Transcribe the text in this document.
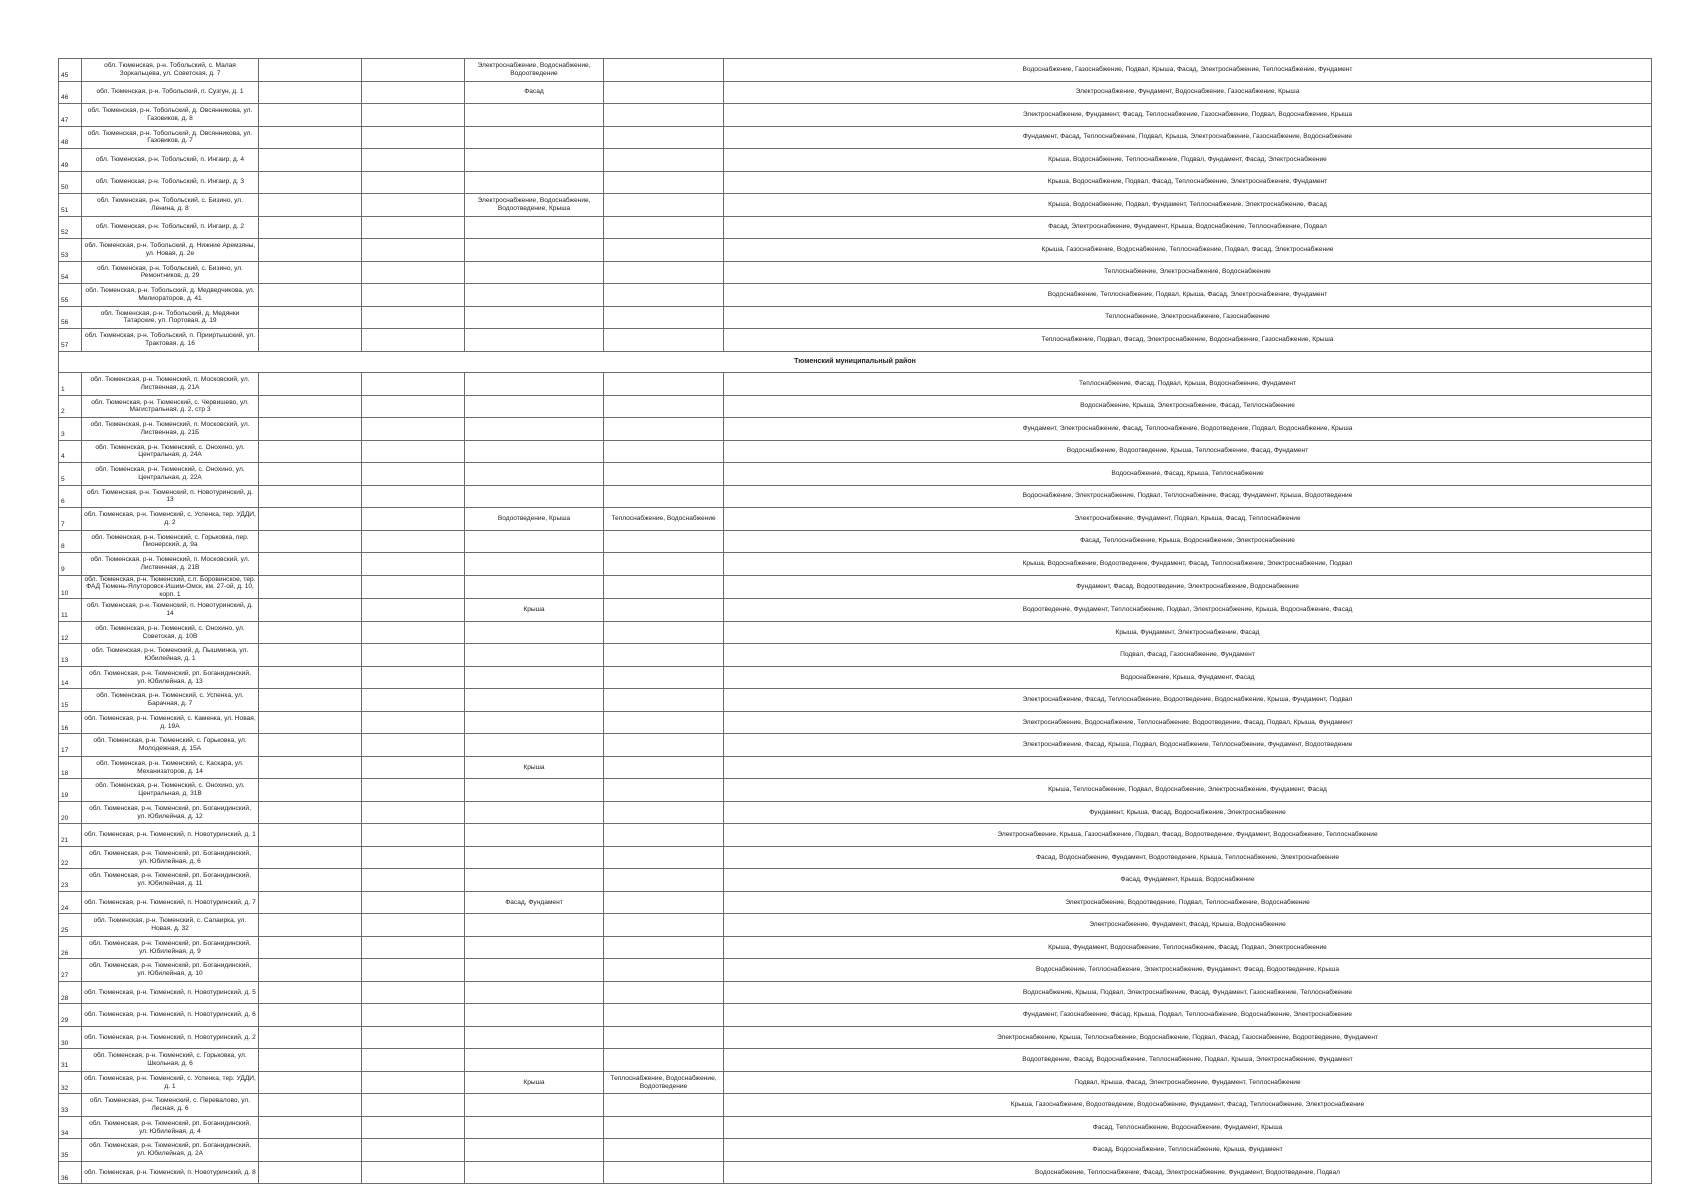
45	обл. Тюменская, р-н. Тобольский, с. Малая Зоркальцева, ул. Советская, д. 7			Электроснабжение, Водоснабжение, Водоотведение		Водоснабжение, Газоснабжение, Подвал, Крыша, Фасад, Электроснабжение, Теплоснабжение, Фундамент
46	обл. Тюменская, р-н. Тобольский, п. Сузгун, д. 1			Фасад		Электроснабжение, Фундамент, Водоснабжение, Газоснабжение, Крыша
47	обл. Тюменская, р-н. Тобольский, д. Овсянникова, ул. Газовиков, д. 8					Электроснабжение, Фундамент, Фасад, Теплоснабжение, Газоснабжение, Подвал, Водоснабжение, Крыша
48	обл. Тюменская, р-н. Тобольский, д. Овсянникова, ул. Газовиков, д. 7					Фундамент, Фасад, Теплоснабжение, Подвал, Крыша, Электроснабжение, Газоснабжение, Водоснабжение
49	обл. Тюменская, р-н. Тобольский, п. Ингаир, д. 4					Крыша, Водоснабжение, Теплоснабжение, Подвал, Фундамент, Фасад, Электроснабжение
50	обл. Тюменская, р-н. Тобольский, п. Ингаир, д. 3					Крыша, Водоснабжение, Подвал, Фасад, Теплоснабжение, Электроснабжение, Фундамент
51	обл. Тюменская, р-н. Тобольский, с. Бизино, ул. Ленина, д. 8			Электроснабжение, Водоснабжение, Водоотведение, Крыша		Крыша, Водоснабжение, Подвал, Фундамент, Теплоснабжение, Электроснабжение, Фасад
52	обл. Тюменская, р-н. Тобольский, п. Ингаир, д. 2					Фасад, Электроснабжение, Фундамент, Крыша, Водоснабжение, Теплоснабжение, Подвал
53	обл. Тюменская, р-н. Тобольский, д. Нижние Аремзяны, ул. Новая, д. 2е					Крыша, Газоснабжение, Водоснабжение, Теплоснабжение, Подвал, Фасад, Электроснабжение
54	обл. Тюменская, р-н. Тобольский, с. Бизино, ул. Ремонтников, д. 29					Теплоснабжение, Электроснабжение, Водоснабжение
55	обл. Тюменская, р-н. Тобольский, д. Медведчикова, ул. Мелиораторов, д. 41					Водоснабжение, Теплоснабжение, Подвал, Крыша, Фасад, Электроснабжение, Фундамент
56	обл. Тюменская, р-н. Тобольский, д. Медянки Татарские, ул. Портовая, д. 19					Теплоснабжение, Электроснабжение, Газоснабжение
57	обл. Тюменская, р-н. Тобольский, п. Прииртышский, ул. Трактовая, д. 16					Теплоснабжение, Подвал, Фасад, Электроснабжение, Водоснабжение, Газоснабжение, Крыша
Тюменский муниципальный район						
1	обл. Тюменская, р-н. Тюменский, п. Московский, ул. Лиственная, д. 21А					Теплоснабжение, Фасад, Подвал, Крыша, Водоснабжение, Фундамент
2	обл. Тюменская, р-н. Тюменский, с. Червишево, ул. Магистральная, д. 2, стр 3					Водоснабжение, Крыша, Электроснабжение, Фасад, Теплоснабжение
3	обл. Тюменская, р-н. Тюменский, п. Московский, ул. Лиственная, д. 21Б					Фундамент, Электроснабжение, Фасад, Теплоснабжение, Водоотведение, Подвал, Водоснабжение, Крыша
4	обл. Тюменская, р-н. Тюменский, с. Онохино, ул. Центральная, д. 24А					Водоснабжение, Водоотведение, Крыша, Теплоснабжение, Фасад, Фундамент
5	обл. Тюменская, р-н. Тюменский, с. Онохино, ул. Центральная, д. 22А					Водоснабжение, Фасад, Крыша, Теплоснабжение
6	обл. Тюменская, р-н. Тюменский, п. Новотуринский, д. 13					Водоснабжение, Электроснабжение, Подвал, Теплоснабжение, Фасад, Фундамент, Крыша, Водоотведение
7	обл. Тюменская, р-н. Тюменский, с. Успенка, тер. УДДИ, д. 2			Водоотведение, Крыша	Теплоснабжение, Водоснабжение	Электроснабжение, Фундамент, Подвал, Крыша, Фасад, Теплоснабжение
8	обл. Тюменская, р-н. Тюменский, с. Горьковка, пер. Пионерский, д. 9а					Фасад, Теплоснабжение, Крыша, Водоснабжение, Электроснабжение
9	обл. Тюменская, р-н. Тюменский, п. Московский, ул. Лиственная, д. 21В					Крыша, Водоснабжение, Водоотведение, Фундамент, Фасад, Теплоснабжение, Электроснабжение, Подвал
10	обл. Тюменская, р-н. Тюменский, с.п. Боровинское, тер. ФАД Тюмень-Ялуторовск-Ишим-Омск, км. 27-ой, д. 10, корп. 1					Фундамент, Фасад, Водоотведение, Электроснабжение, Водоснабжение
11	обл. Тюменская, р-н. Тюменский, п. Новотуринский, д. 14			Крыша		Водоотведение, Фундамент, Теплоснабжение, Подвал, Электроснабжение, Крыша, Водоснабжение, Фасад
12	обл. Тюменская, р-н. Тюменский, с. Онохино, ул. Советская, д. 10В					Крыша, Фундамент, Электроснабжение, Фасад
13	обл. Тюменская, р-н. Тюменский, д. Пышминка, ул. Юбилейная, д. 1					Подвал, Фасад, Газоснабжение, Фундамент
14	обл. Тюменская, р-н. Тюменский, рп. Боганидинский, ул. Юбилейная, д. 13					Водоснабжение, Крыша, Фундамент, Фасад
15	обл. Тюменская, р-н. Тюменский, с. Успенка, ул. Барачная, д. 7					Электроснабжение, Фасад, Теплоснабжение, Водоотведение, Водоснабжение, Крыша, Фундамент, Подвал
16	обл. Тюменская, р-н. Тюменский, с. Каменка, ул. Новая, д. 19А					Электроснабжение, Водоснабжение, Теплоснабжение, Водоотведение, Фасад, Подвал, Крыша, Фундамент
17	обл. Тюменская, р-н. Тюменский, с. Горьковка, ул. Молодежная, д. 15А					Электроснабжение, Фасад, Крыша, Подвал, Водоснабжение, Теплоснабжение, Фундамент, Водоотведение
18	обл. Тюменская, р-н. Тюменский, с. Каскара, ул. Механизаторов, д. 14			Крыша		
19	обл. Тюменская, р-н. Тюменский, с. Онохино, ул. Центральная, д. 31В					Крыша, Теплоснабжение, Подвал, Водоснабжение, Электроснабжение, Фундамент, Фасад
20	обл. Тюменская, р-н. Тюменский, рп. Боганидинский, ул. Юбилейная, д. 12					Фундамент, Крыша, Фасад, Водоснабжение, Электроснабжение
21	обл. Тюменская, р-н. Тюменский, п. Новотуринский, д. 1					Электроснабжение, Крыша, Газоснабжение, Подвал, Фасад, Водоотведение, Фундамент, Водоснабжение, Теплоснабжение
22	обл. Тюменская, р-н. Тюменский, рп. Боганидинский, ул. Юбилейная, д. 6					Фасад, Водоснабжение, Фундамент, Водоотведение, Крыша, Теплоснабжение, Электроснабжение
23	обл. Тюменская, р-н. Тюменский, рп. Боганидинский, ул. Юбилейная, д. 11					Фасад, Фундамент, Крыша, Водоснабжение
24	обл. Тюменская, р-н. Тюменский, п. Новотуринский, д. 7			Фасад, Фундамент		Электроснабжение, Водоотведение, Подвал, Теплоснабжение, Водоснабжение
25	обл. Тюменская, р-н. Тюменский, с. Салаирка, ул. Новая, д. 32					Электроснабжение, Фундамент, Фасад, Крыша, Водоснабжение
26	обл. Тюменская, р-н. Тюменский, рп. Боганидинский, ул. Юбилейная, д. 9					Крыша, Фундамент, Водоснабжение, Теплоснабжение, Фасад, Подвал, Электроснабжение
27	обл. Тюменская, р-н. Тюменский, рп. Боганидинский, ул. Юбилейная, д. 10					Водоснабжение, Теплоснабжение, Электроснабжение, Фундамент, Фасад, Водоотведение, Крыша
28	обл. Тюменская, р-н. Тюменский, п. Новотуринский, д. 5					Водоснабжение, Крыша, Подвал, Электроснабжение, Фасад, Фундамент, Газоснабжение, Теплоснабжение
29	обл. Тюменская, р-н. Тюменский, п. Новотуринский, д. 6					Фундамент, Газоснабжение, Фасад, Крыша, Подвал, Теплоснабжение, Водоснабжение, Электроснабжение
30	обл. Тюменская, р-н. Тюменский, п. Новотуринский, д. 2					Электроснабжение, Крыша, Теплоснабжение, Водоснабжение, Подвал, Фасад, Газоснабжение, Водоотведение, Фундамент
31	обл. Тюменская, р-н. Тюменский, с. Горьковка, ул. Школьная, д. 6					Водоотведение, Фасад, Водоснабжение, Теплоснабжение, Подвал, Крыша, Электроснабжение, Фундамент
32	обл. Тюменская, р-н. Тюменский, с. Успенка, тер. УДДИ, д. 1			Крыша	Теплоснабжение, Водоснабжение, Водоотведение	Подвал, Крыша, Фасад, Электроснабжение, Фундамент, Теплоснабжение
33	обл. Тюменская, р-н. Тюменский, с. Перевалово, ул. Лесная, д. 6					Крыша, Газоснабжение, Водоотведение, Водоснабжение, Фундамент, Фасад, Теплоснабжение, Электроснабжение
34	обл. Тюменская, р-н. Тюменский, рп. Боганидинский, ул. Юбилейная, д. 4					Фасад, Теплоснабжение, Водоснабжение, Фундамент, Крыша
35	обл. Тюменская, р-н. Тюменский, рп. Боганидинский, ул. Юбилейная, д. 2А					Фасад, Водоснабжение, Теплоснабжение, Крыша, Фундамент
36	обл. Тюменская, р-н. Тюменский, п. Новотуринский, д. 8					Водоснабжение, Теплоснабжение, Фасад, Электроснабжение, Фундамент, Водоотведение, Подвал
